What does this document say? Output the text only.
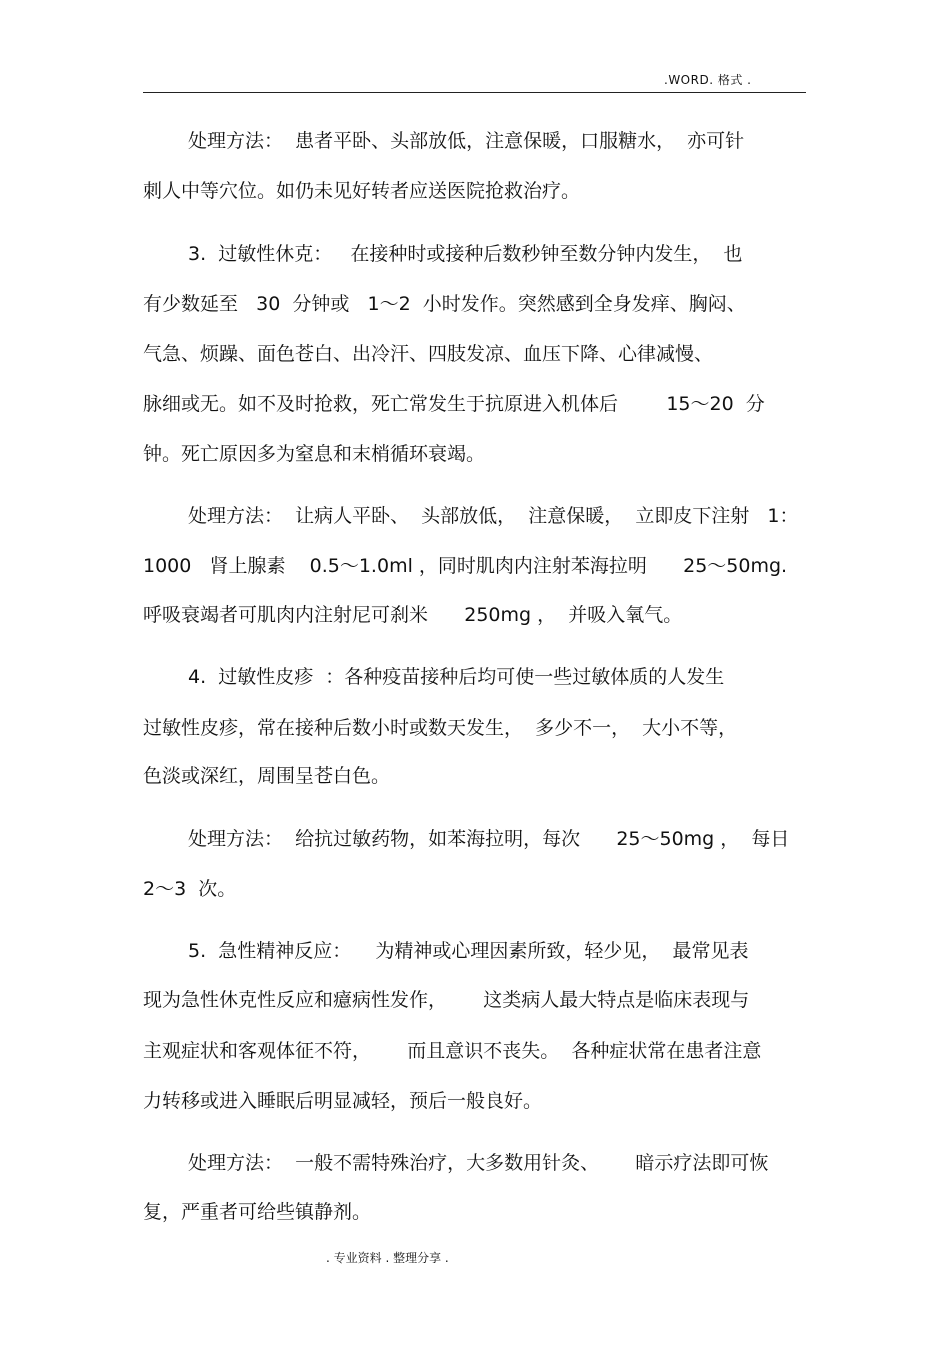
.WORD. 格式 .
处理方法：  患者平卧、头部放低，注意保暖，口服糖水，  亦可针
刺人中等穴位。如仍未见好转者应送医院抢救治疗。
3.  过敏性休克：   在接种时或接种后数秒钟至数分钟内发生，  也
有少数延至   30  分钟或   1～2  小时发作。突然感到全身发痒、胸闷、
气急、烦躁、面色苍白、出冷汗、四肢发凉、血压下降、心律减慢、
脉细或无。如不及时抢救，死亡常发生于抗原进入机体后        15～20  分
钟。死亡原因多为窒息和末梢循环衰竭。
处理方法：  让病人平卧、  头部放低，  注意保暖，  立即皮下注射   1：
1000   肾上腺素    0.5～1.0ml ，同时肌肉内注射苯海拉明      25～50mg.
呼吸衰竭者可肌肉内注射尼可刹米      250mg ，  并吸入氧气。
4.  过敏性皮疹  ：各种疫苗接种后均可使一些过敏体质的人发生
过敏性皮疹，常在接种后数小时或数天发生，  多少不一，  大小不等，
色淡或深红，周围呈苍白色。
处理方法：  给抗过敏药物，如苯海拉明，每次      25～50mg ，  每日
2～3  次。
5.  急性精神反应：    为精神或心理因素所致，轻少见，  最常见表
现为急性休克性反应和癔病性发作，      这类病人最大特点是临床表现与
主观症状和客观体征不符，      而且意识不丧失。  各种症状常在患者注意
力转移或进入睡眠后明显减轻，预后一般良好。
处理方法：  一般不需特殊治疗，大多数用针灸、      暗示疗法即可恢
复，严重者可给些镇静剂。
. 专业资料 . 整理分享 .
